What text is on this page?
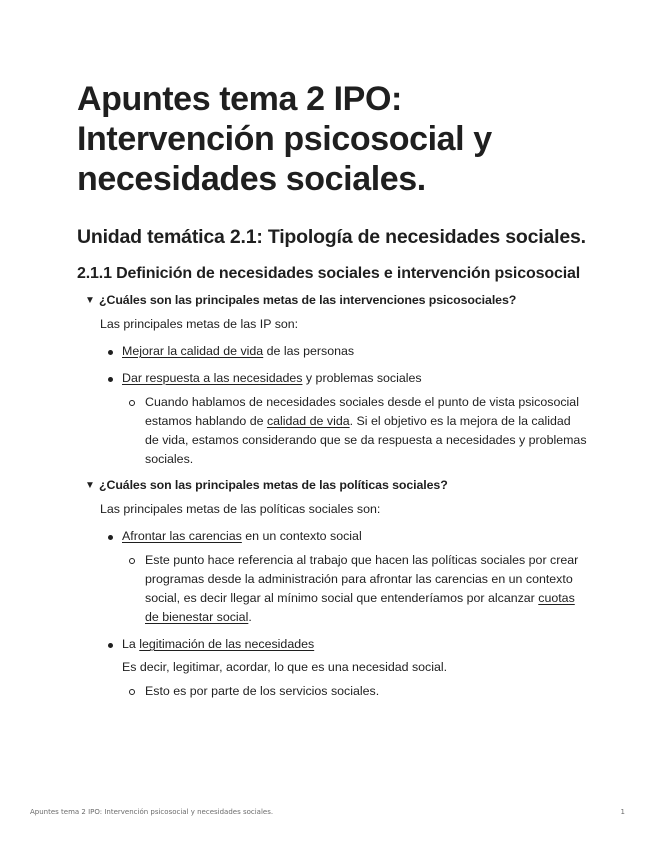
Apuntes tema 2 IPO: Intervención psicosocial y necesidades sociales.
Unidad temática 2.1: Tipología de necesidades sociales.
2.1.1 Definición de necesidades sociales e intervención psicosocial
▼ ¿Cuáles son las principales metas de las intervenciones psicosociales?
Las principales metas de las IP son:
Mejorar la calidad de vida de las personas
Dar respuesta a las necesidades y problemas sociales
Cuando hablamos de necesidades sociales desde el punto de vista psicosocial estamos hablando de calidad de vida. Si el objetivo es la mejora de la calidad de vida, estamos considerando que se da respuesta a necesidades y problemas sociales.
▼ ¿Cuáles son las principales metas de las políticas sociales?
Las principales metas de las políticas sociales son:
Afrontar las carencias en un contexto social
Este punto hace referencia al trabajo que hacen las políticas sociales por crear programas desde la administración para afrontar las carencias en un contexto social, es decir llegar al mínimo social que entenderíamos por alcanzar cuotas de bienestar social.
La legitimación de las necesidades
Es decir, legitimar, acordar, lo que es una necesidad social.
Esto es por parte de los servicios sociales.
Apuntes tema 2 IPO: Intervención psicosocial y necesidades sociales.	1
